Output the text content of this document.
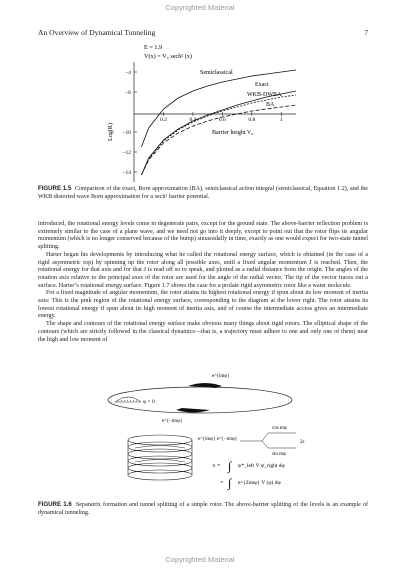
Copyrighted Material
An Overview of Dynamical Tunneling	7
E = 1.9
V(x) = V₀ sech² (x)
Log(R)
−4
−6
−10
−12
−14
0.2	0.4	0.6	0.8	1
Semiclassical
Exact
WKB-DWBA
BA
Barrier height V₀
FIGURE 1.5 Comparison of the exact, Born approximation (BA), semiclassical action integral (semiclassical, Equation 1.2), and the WKB distorted wave Born approximation for a sech² barrier potential.

introduced, the rotational energy levels come in degenerate pairs, except for the ground state. The above-barrier reflection problem is extremely similar to the case of a plane wave, and we need not go into it deeply, except to point out that the rotor flips its angular momentum (which is no longer conserved because of the bump) sinusoidally in time, exactly as one would expect for two-state tunnel splitting.

Harter began his developments by introducing what he called the rotational energy surface, which is obtained (in the case of a rigid asymmetric top) by spinning up the rotor along all possible axes, until a fixed angular momentum J is reached. Then, the rotational energy for that axis and for that J is read off so to speak, and plotted as a radial distance from the origin. The angles of the rotation axis relative to the principal axes of the rotor are used for the angle of the radial vector. The tip of the vector traces out a surface. Harter’s rotational energy surface. Figure 1.7 shows the case for a prolate rigid asymmetric rotor like a water molecule.

For a fixed magnitude of angular momentum, the rotor attains its highest rotational energy if spun about its low moment of inertia axis: This is the pink region of the rotational energy surface, corresponding to the diagram at the lower right. The rotor attains its lowest rotational energy if spun about its high moment of inertia axis, and of course the intermediate access gives an intermediate energy.

The shape and contours of the rotational energy surface make obvious many things about rigid rotors. The elliptical shape of the contours (which are strictly followed in the classical dynamics—that is, a trajectory must adhere to one and only one of them) near the high and low moment of

e^{imφ}
φ = 0
e^{−imφ}
cos mφ
e^{imφ} e^{−imφ}
2ε
sin mφ
ε = ∫ ψ*_left V ψ_right dφ
= ∫ e^{2imφ} V (φ) dφ
FIGURE 1.6 Separatrix formation and tunnel splitting of a simple rotor. The above-barrier splitting of the levels is an example of dynamical tunneling.
Copyrighted Material
